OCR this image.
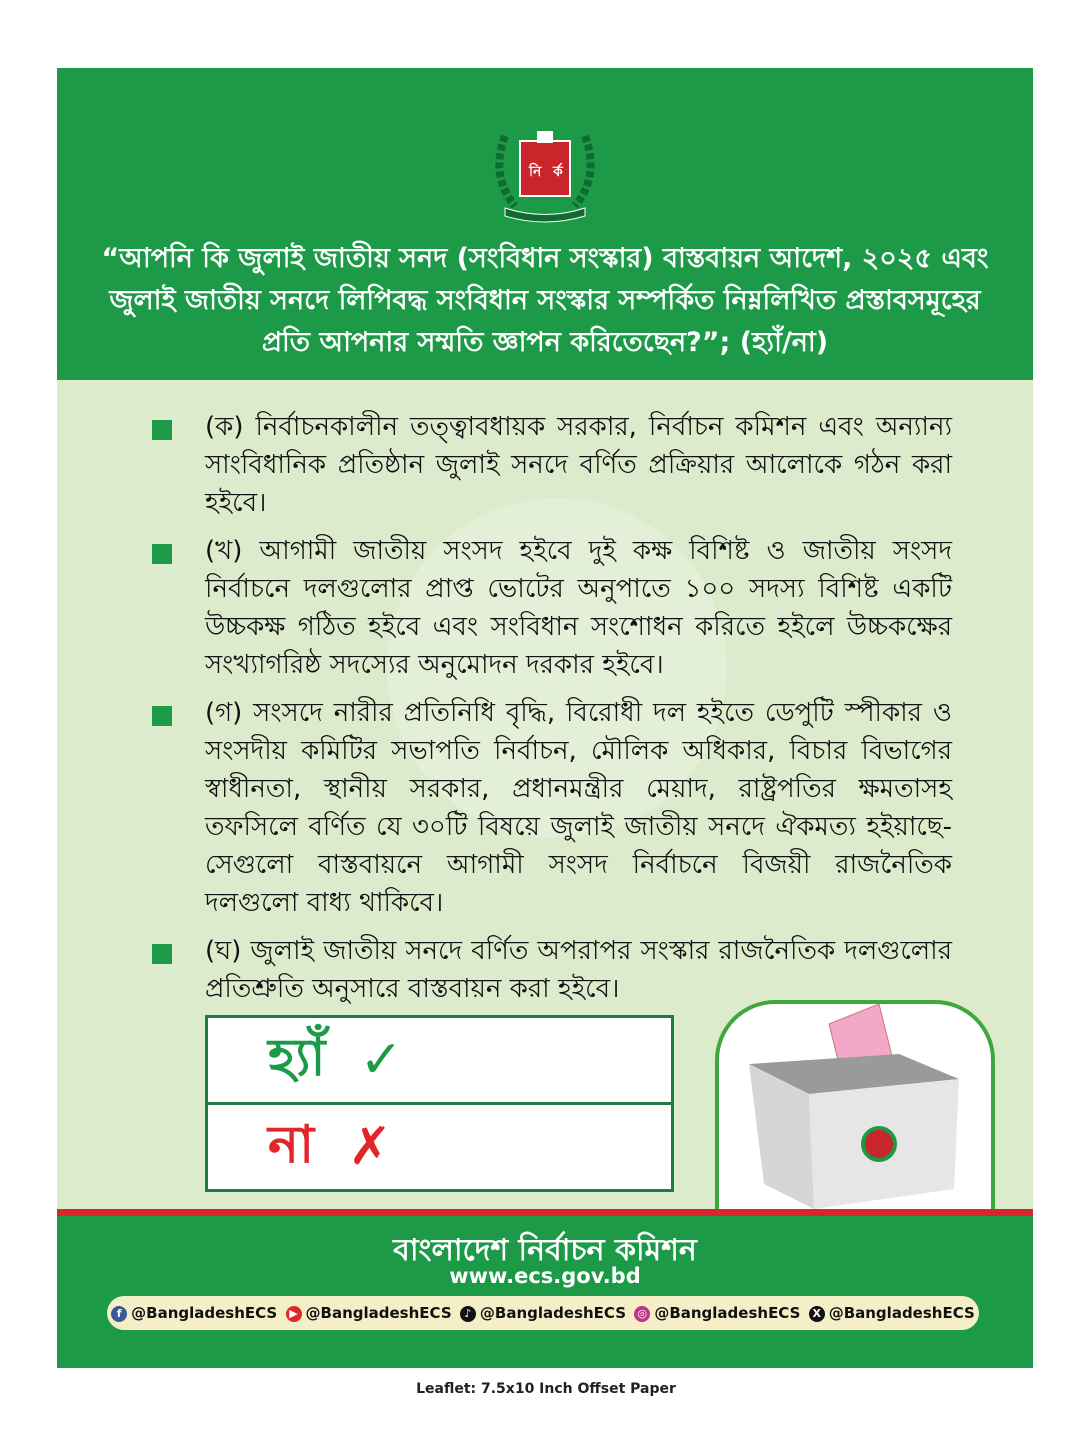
নি র্ক
“আপনি কি জুলাই জাতীয় সনদ (সংবিধান সংস্কার) বাস্তবায়ন আদেশ, ২০২৫ এবং জুলাই জাতীয় সনদে লিপিবদ্ধ সংবিধান সংস্কার সম্পর্কিত নিম্নলিখিত প্রস্তাবসমূহের প্রতি আপনার সম্মতি জ্ঞাপন করিতেছেন?”; (হ্যাঁ/না)
(ক) নির্বাচনকালীন তত্ত্বাবধায়ক সরকার, নির্বাচন কমিশন এবং অন্যান্য সাংবিধানিক প্রতিষ্ঠান জুলাই সনদে বর্ণিত প্রক্রিয়ার আলোকে গঠন করা হইবে।
(খ) আগামী জাতীয় সংসদ হইবে দুই কক্ষ বিশিষ্ট ও জাতীয় সংসদ নির্বাচনে দলগুলোর প্রাপ্ত ভোটের অনুপাতে ১০০ সদস্য বিশিষ্ট একটি উচ্চকক্ষ গঠিত হইবে এবং সংবিধান সংশোধন করিতে হইলে উচ্চকক্ষের সংখ্যাগরিষ্ঠ সদস্যের অনুমোদন দরকার হইবে।
(গ) সংসদে নারীর প্রতিনিধি বৃদ্ধি, বিরোধী দল হইতে ডেপুটি স্পীকার ও সংসদীয় কমিটির সভাপতি নির্বাচন, মৌলিক অধিকার, বিচার বিভাগের স্বাধীনতা, স্থানীয় সরকার, প্রধানমন্ত্রীর মেয়াদ, রাষ্ট্রপতির ক্ষমতাসহ তফসিলে বর্ণিত যে ৩০টি বিষয়ে জুলাই জাতীয় সনদে ঐকমত্য হইয়াছে- সেগুলো বাস্তবায়নে আগামী সংসদ নির্বাচনে বিজয়ী রাজনৈতিক দলগুলো বাধ্য থাকিবে।
(ঘ) জুলাই জাতীয় সনদে বর্ণিত অপরাপর সংস্কার রাজনৈতিক দলগুলোর প্রতিশ্রুতি অনুসারে বাস্তবায়ন করা হইবে।
হ্যাঁ ✓
না ✗
বাংলাদেশ নির্বাচন কমিশন
www.ecs.gov.bd
f @BangladeshECS	▶ @BangladeshECS	♪ @BangladeshECS ◎ @BangladeshECS	X @BangladeshECS
Leaflet: 7.5x10 Inch Offset Paper
